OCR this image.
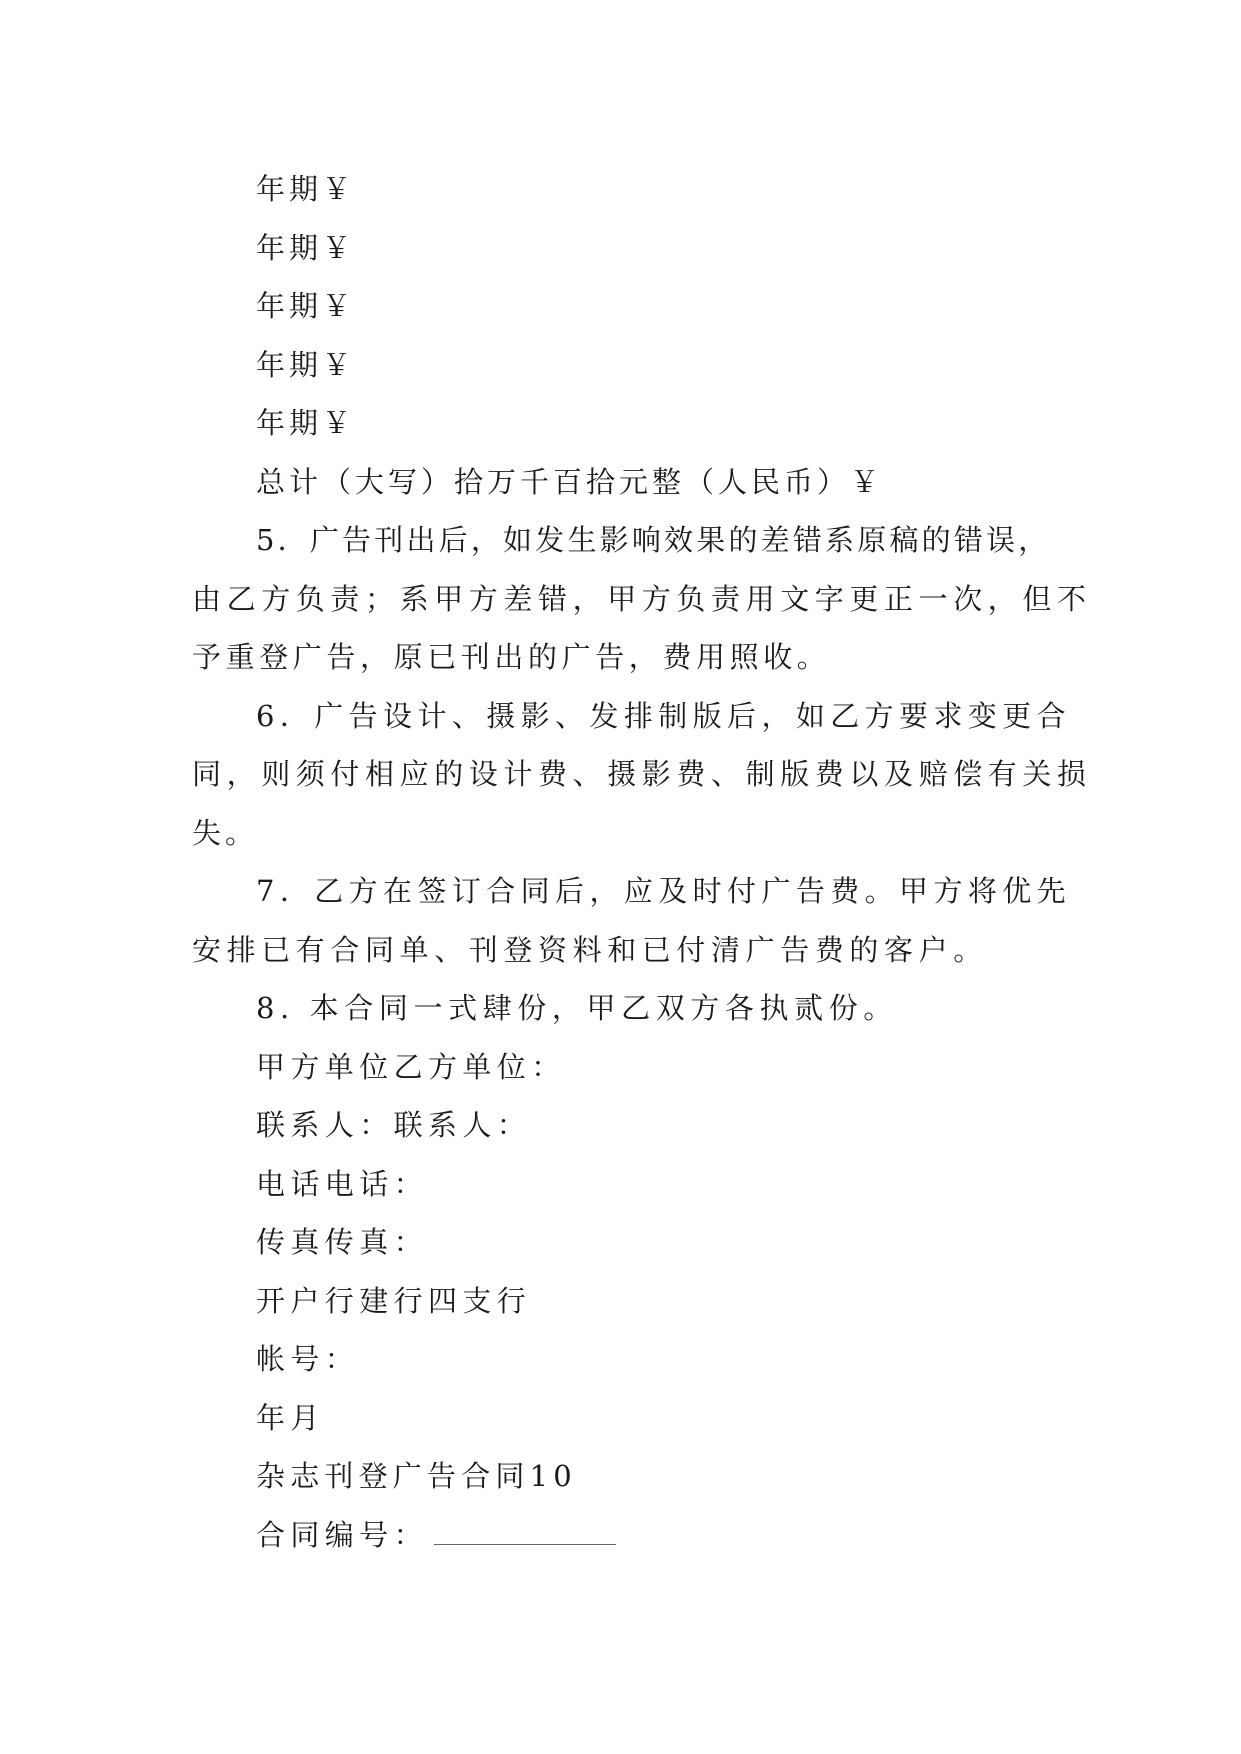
年期￥

年期￥

年期￥

年期￥

年期￥

总计（大写）拾万千百拾元整（人民币）￥

5．广告刊出后，如发生影响效果的差错系原稿的错误，

由乙方负责；系甲方差错，甲方负责用文字更正一次，但不

予重登广告，原已刊出的广告，费用照收。

6．广告设计、摄影、发排制版后，如乙方要求变更合

同，则须付相应的设计费、摄影费、制版费以及赔偿有关损

失。

7．乙方在签订合同后，应及时付广告费。甲方将优先

安排已有合同单、刊登资料和已付清广告费的客户。

8. 本合同一式肆份，甲乙双方各执贰份。

甲方单位乙方单位：

联系人：联系人：

电话电话：

传真传真：

开户行建行四支行

帐号：

年月

杂志刊登广告合同10

合同编号：
